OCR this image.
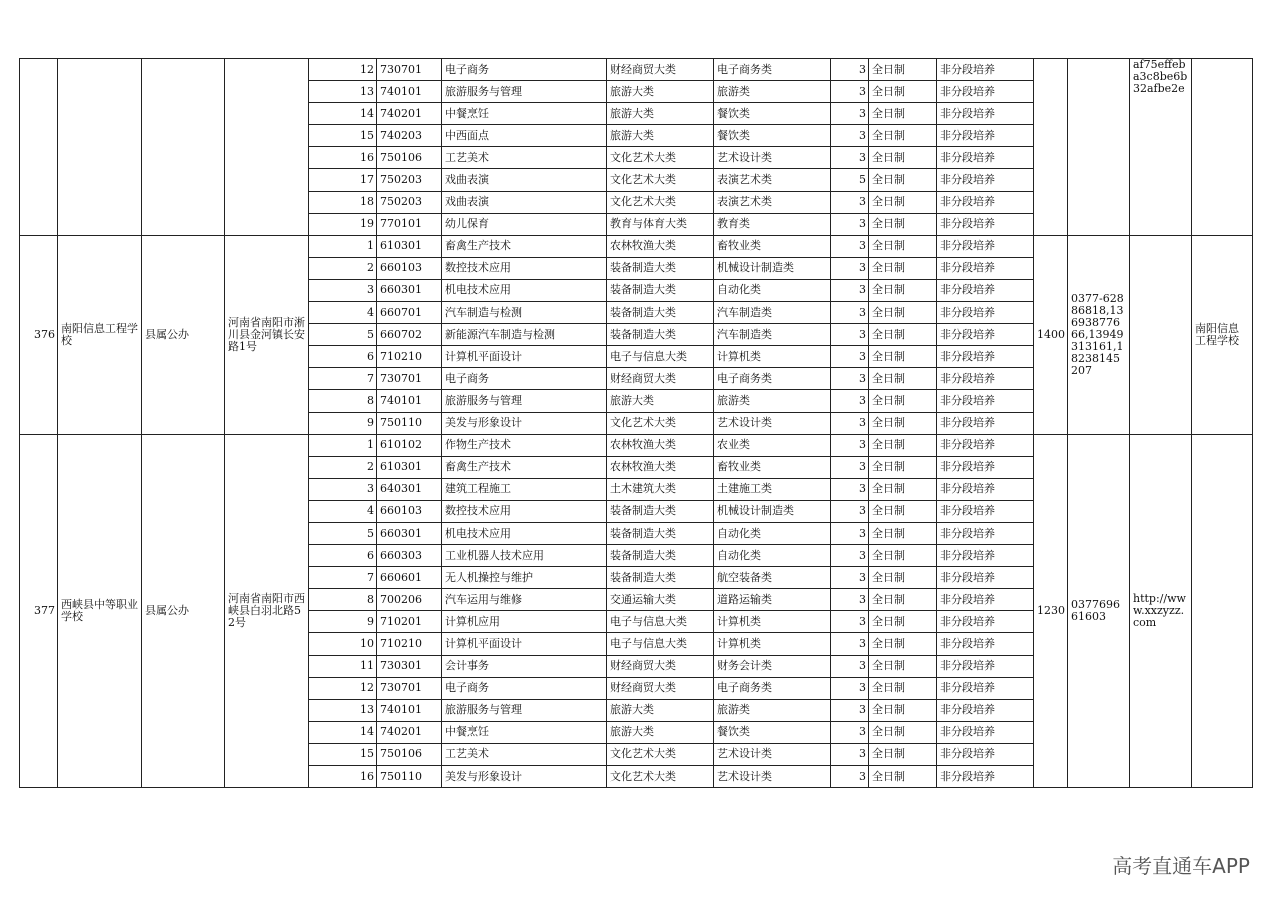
				12	730701	电子商务	财经商贸大类	电子商务类	3	全日制	非分段培养			af75effeba3c8be6b32afbe2e	
				13	740101	旅游服务与管理	旅游大类	旅游类	3	全日制	非分段培养				
				14	740201	中餐烹饪	旅游大类	餐饮类	3	全日制	非分段培养				
				15	740203	中西面点	旅游大类	餐饮类	3	全日制	非分段培养				
				16	750106	工艺美术	文化艺术大类	艺术设计类	3	全日制	非分段培养				
				17	750203	戏曲表演	文化艺术大类	表演艺术类	5	全日制	非分段培养				
				18	750203	戏曲表演	文化艺术大类	表演艺术类	3	全日制	非分段培养				
				19	770101	幼儿保育	教育与体育大类	教育类	3	全日制	非分段培养				
376	南阳信息工程学校	县属公办	河南省南阳市淅川县金河镇长安路1号	1	610301	畜禽生产技术	农林牧渔大类	畜牧业类	3	全日制	非分段培养	1400	0377-62886818,13693877666,13949313161,18238145207		南阳信息工程学校
				2	660103	数控技术应用	装备制造大类	机械设计制造类	3	全日制	非分段培养				
				3	660301	机电技术应用	装备制造大类	自动化类	3	全日制	非分段培养				
				4	660701	汽车制造与检测	装备制造大类	汽车制造类	3	全日制	非分段培养				
				5	660702	新能源汽车制造与检测	装备制造大类	汽车制造类	3	全日制	非分段培养				
				6	710210	计算机平面设计	电子与信息大类	计算机类	3	全日制	非分段培养				
				7	730701	电子商务	财经商贸大类	电子商务类	3	全日制	非分段培养				
				8	740101	旅游服务与管理	旅游大类	旅游类	3	全日制	非分段培养				
				9	750110	美发与形象设计	文化艺术大类	艺术设计类	3	全日制	非分段培养				
377	西峡县中等职业学校	县属公办	河南省南阳市西峡县白羽北路52号	1	610102	作物生产技术	农林牧渔大类	农业类	3	全日制	非分段培养	1230	037769661603	http://www.xxzyzz.com	
				2	610301	畜禽生产技术	农林牧渔大类	畜牧业类	3	全日制	非分段培养				
				3	640301	建筑工程施工	土木建筑大类	土建施工类	3	全日制	非分段培养				
				4	660103	数控技术应用	装备制造大类	机械设计制造类	3	全日制	非分段培养				
				5	660301	机电技术应用	装备制造大类	自动化类	3	全日制	非分段培养				
				6	660303	工业机器人技术应用	装备制造大类	自动化类	3	全日制	非分段培养				
				7	660601	无人机操控与维护	装备制造大类	航空装备类	3	全日制	非分段培养				
				8	700206	汽车运用与维修	交通运输大类	道路运输类	3	全日制	非分段培养				
				9	710201	计算机应用	电子与信息大类	计算机类	3	全日制	非分段培养				
				10	710210	计算机平面设计	电子与信息大类	计算机类	3	全日制	非分段培养				
				11	730301	会计事务	财经商贸大类	财务会计类	3	全日制	非分段培养				
				12	730701	电子商务	财经商贸大类	电子商务类	3	全日制	非分段培养				
				13	740101	旅游服务与管理	旅游大类	旅游类	3	全日制	非分段培养				
				14	740201	中餐烹饪	旅游大类	餐饮类	3	全日制	非分段培养				
				15	750106	工艺美术	文化艺术大类	艺术设计类	3	全日制	非分段培养				
				16	750110	美发与形象设计	文化艺术大类	艺术设计类	3	全日制	非分段培养				
高考直通车APP
